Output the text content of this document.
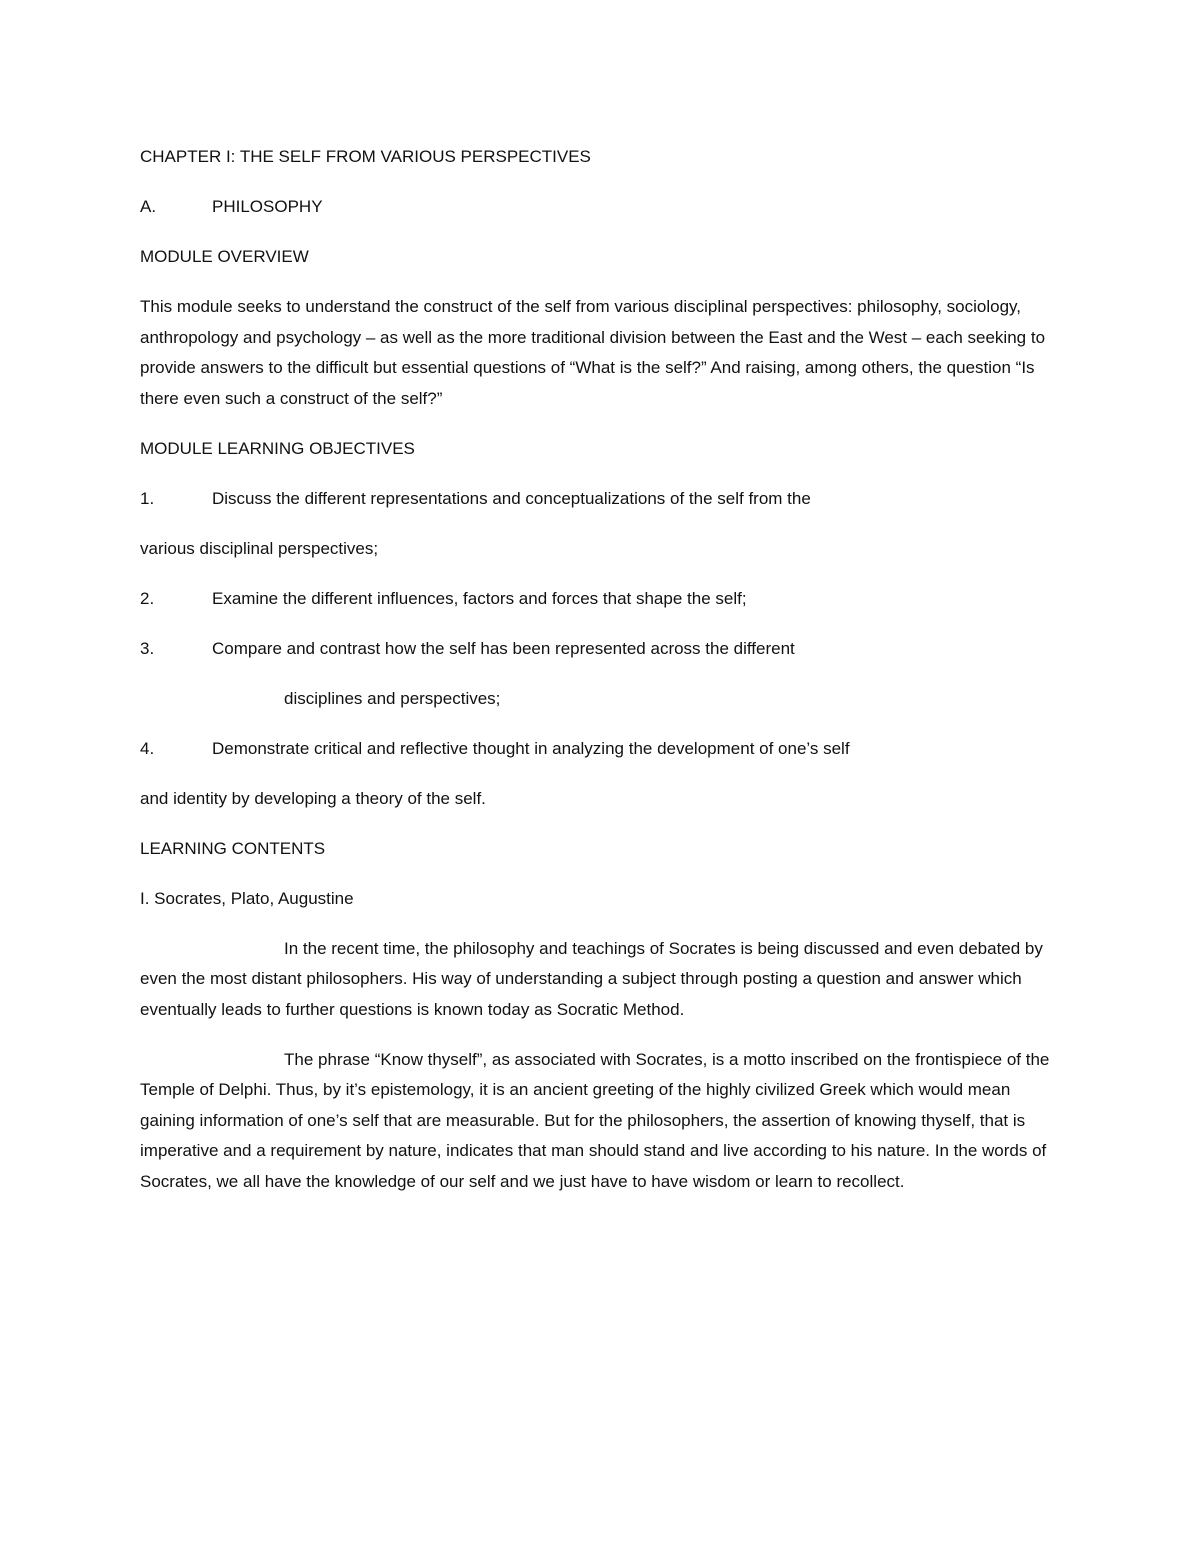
CHAPTER I: THE SELF FROM VARIOUS PERSPECTIVES

A.	PHILOSOPHY

MODULE OVERVIEW

This module seeks to understand the construct of the self from various disciplinal perspectives: philosophy, sociology, anthropology and psychology – as well as the more traditional division between the East and the West – each seeking to provide answers to the difficult but essential questions of “What is the self?” And raising, among others, the question “Is there even such a construct of the self?”

MODULE LEARNING OBJECTIVES

1.	Discuss the different representations and conceptualizations of the self from the

various disciplinal perspectives;

2.	Examine the different influences, factors and forces that shape the self;
3.	Compare and contrast how the self has been represented across the different

disciplines and perspectives;

4.	Demonstrate critical and reflective thought in analyzing the development of one’s self

and identity by developing a theory of the self.

LEARNING CONTENTS

I. Socrates, Plato, Augustine

In the recent time, the philosophy and teachings of Socrates is being discussed and even debated by even the most distant philosophers. His way of understanding a subject through posting a question and answer which eventually leads to further questions is known today as Socratic Method.

The phrase “Know thyself”, as associated with Socrates, is a motto inscribed on the frontispiece of the Temple of Delphi. Thus, by it’s epistemology, it is an ancient greeting of the highly civilized Greek which would mean gaining information of one’s self that are measurable. But for the philosophers, the assertion of knowing thyself, that is imperative and a requirement by nature, indicates that man should stand and live according to his nature. In the words of Socrates, we all have the knowledge of our self and we just have to have wisdom or learn to recollect.
